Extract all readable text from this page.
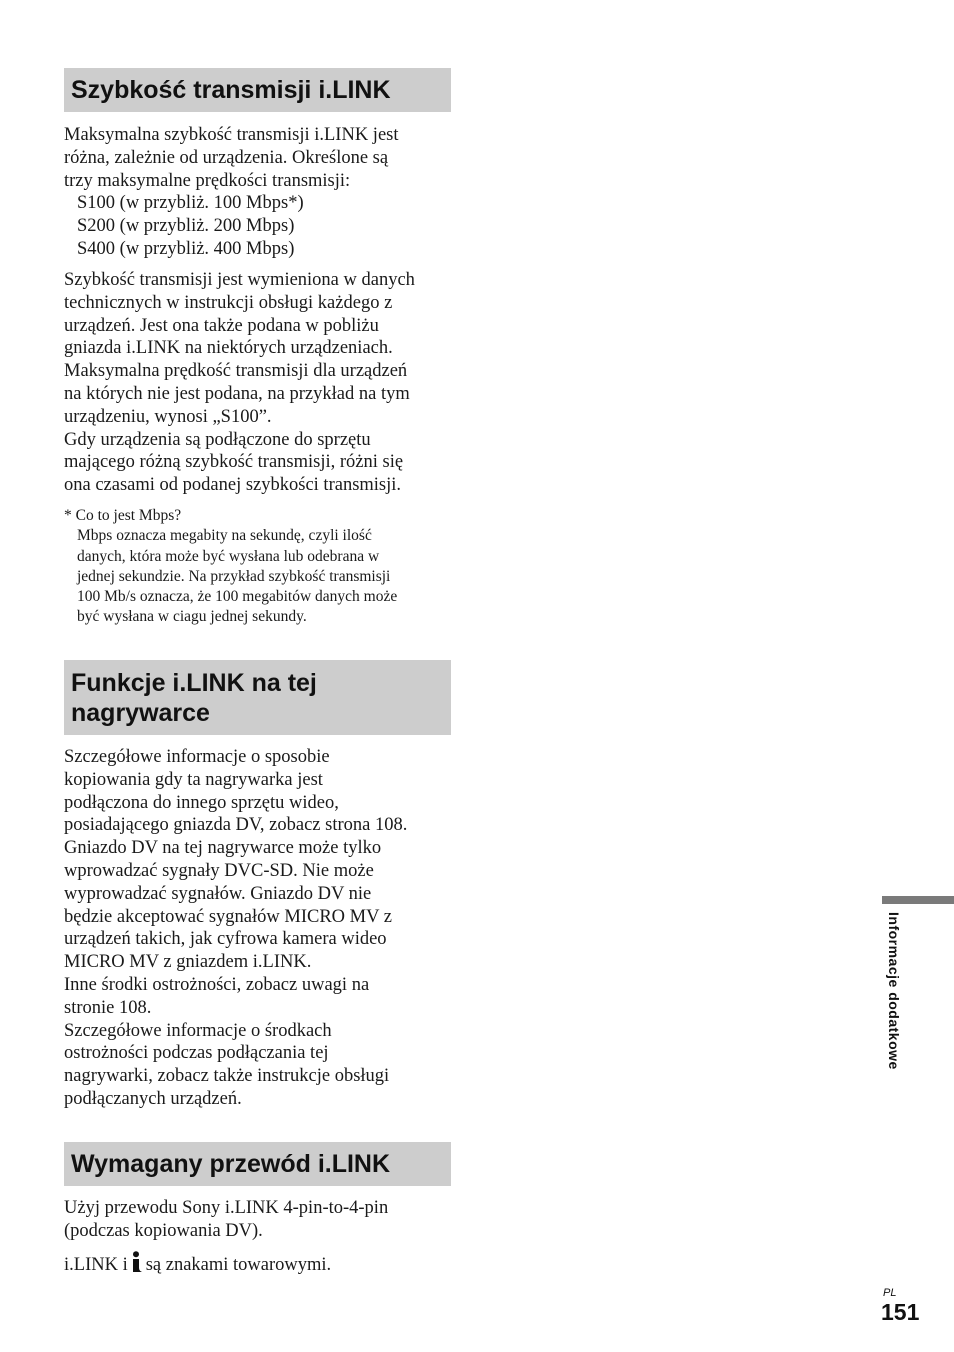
Szybkość transmisji i.LINK

Maksymalna szybkość transmisji i.LINK jest

różna, zależnie od urządzenia. Określone są

trzy maksymalne prędkości transmisji:

S100 (w przybliż. 100 Mbps*)

S200 (w przybliż. 200 Mbps)

S400 (w przybliż. 400 Mbps)

Szybkość transmisji jest wymieniona w danych

technicznych w instrukcji obsługi każdego z

urządzeń. Jest ona także podana w pobliżu

gniazda i.LINK na niektórych urządzeniach.

Maksymalna prędkość transmisji dla urządzeń

na których nie jest podana, na przykład na tym

urządzeniu, wynosi „S100”.

Gdy urządzenia są podłączone do sprzętu

mającego różną szybkość transmisji, różni się

ona czasami od podanej szybkości transmisji.

* Co to jest Mbps?

Mbps oznacza megabity na sekundę, czyli ilość

danych, która może być wysłana lub odebrana w

jednej sekundzie. Na przykład szybkość transmisji

100 Mb/s oznacza, że 100 megabitów danych może

być wysłana w ciagu jednej sekundy.

Funkcje i.LINK na tej
nagrywarce

Szczegółowe informacje o sposobie

kopiowania gdy ta nagrywarka jest

podłączona do innego sprzętu wideo,

posiadającego gniazda DV, zobacz strona 108.

Gniazdo DV na tej nagrywarce może tylko

wprowadzać sygnały DVC-SD. Nie może

wyprowadzać sygnałów. Gniazdo DV nie

będzie akceptować sygnałów MICRO MV z

urządzeń takich, jak cyfrowa kamera wideo

MICRO MV z gniazdem i.LINK.

Inne środki ostrożności, zobacz uwagi na

stronie 108.

Szczegółowe informacje o środkach

ostrożności podczas podłączania tej

nagrywarki, zobacz także instrukcje obsługi

podłączanych urządzeń.

Wymagany przewód i.LINK

Użyj przewodu Sony i.LINK 4-pin-to-4-pin

(podczas kopiowania DV).

i.LINK i są znakami towarowymi.

Informacje dodatkowe
PL
151
